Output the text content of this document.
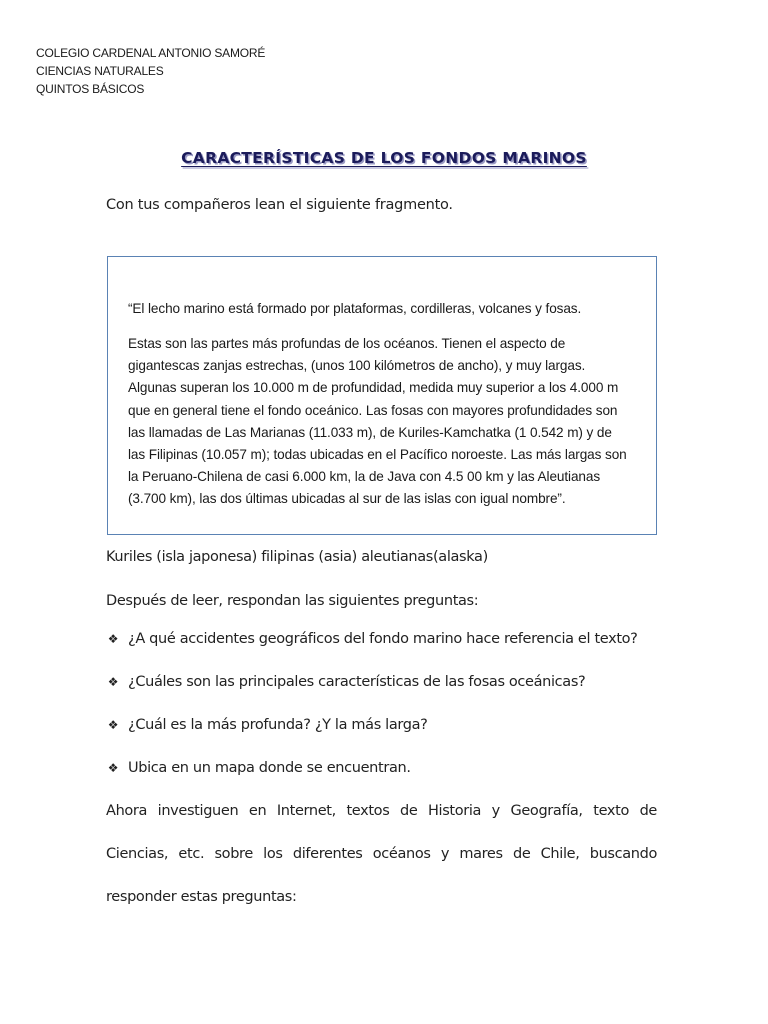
COLEGIO CARDENAL ANTONIO SAMORÉ
CIENCIAS NATURALES
QUINTOS BÁSICOS
CARACTERÍSTICAS DE LOS FONDOS MARINOS
Con tus compañeros lean el siguiente fragmento.
“El lecho marino está formado por plataformas, cordilleras, volcanes y fosas.
Estas son las partes más profundas de los océanos. Tienen el aspecto de
gigantescas zanjas estrechas, (unos 100 kilómetros de ancho), y muy largas.
Algunas superan los 10.000 m de profundidad, medida muy superior a los 4.000 m
que en general tiene el fondo oceánico. Las fosas con mayores profundidades son
las llamadas de Las Marianas (11.033 m), de Kuriles-Kamchatka (1 0.542 m) y de
las Filipinas (10.057 m); todas ubicadas en el Pacífico noroeste. Las más largas son
la Peruano-Chilena de casi 6.000 km, la de Java con 4.5 00 km y las Aleutianas
(3.700 km), las dos últimas ubicadas al sur de las islas con igual nombre”.
Kuriles (isla japonesa) filipinas (asia) aleutianas(alaska)
Después de leer, respondan las siguientes preguntas:
❖ ¿A qué accidentes geográficos del fondo marino hace referencia el texto?
❖ ¿Cuáles son las principales características de las fosas oceánicas?
❖ ¿Cuál es la más profunda? ¿Y la más larga?
❖ Ubica en un mapa donde se encuentran.
Ahora investiguen en Internet, textos de Historia y Geografía, texto de
Ciencias, etc. sobre los diferentes océanos y mares de Chile, buscando
responder estas preguntas:
